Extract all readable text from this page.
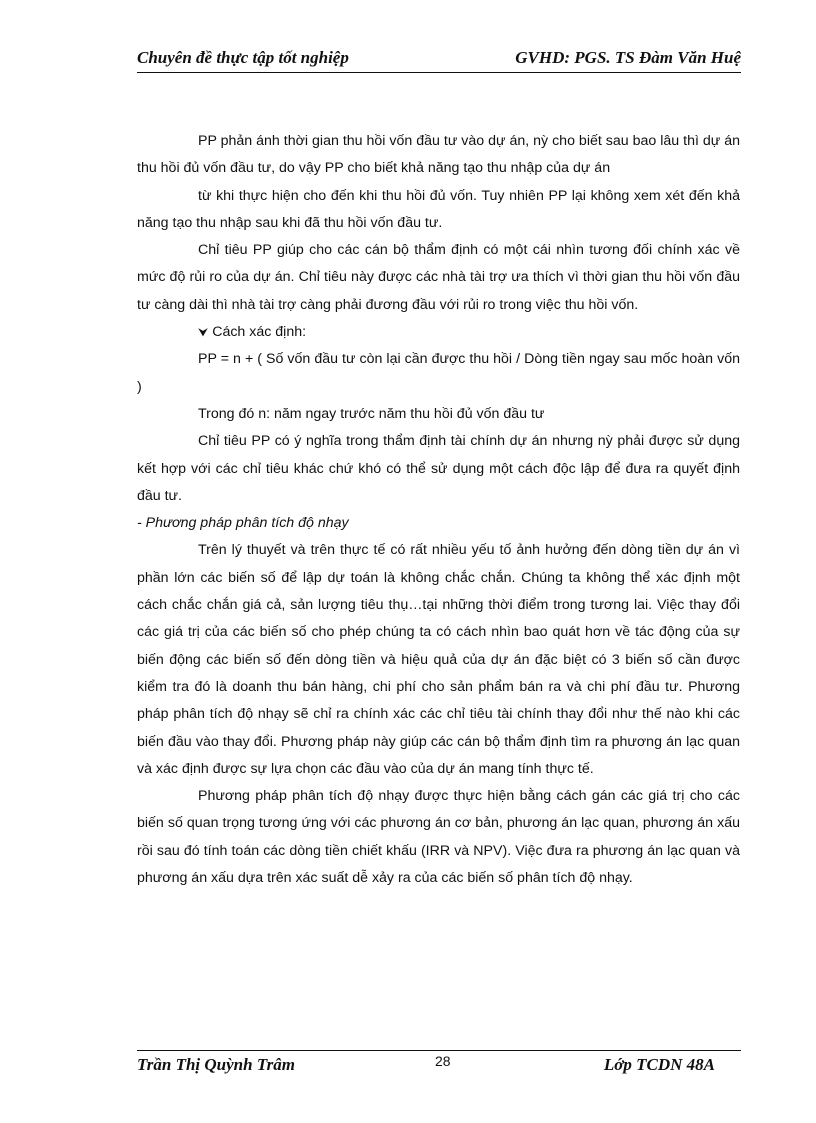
Chuyên đề thực tập tốt nghiệp	GVHD: PGS. TS Đàm Văn Huệ

PP phản ánh thời gian thu hồi vốn đầu tư vào dự án, nỳ cho biết sau bao lâu thì dự án thu hồi đủ vốn đầu tư, do vậy PP cho biết khả năng tạo thu nhập của dự án

từ khi thực hiện cho đến khi thu hồi đủ vốn. Tuy nhiên PP lại không xem xét đến khả năng tạo thu nhập sau khi đã thu hồi vốn đầu tư.

Chỉ tiêu PP giúp cho các cán bộ thẩm định có một cái nhìn tương đối chính xác về mức độ rủi ro của dự án. Chỉ tiêu này được các nhà tài trợ ưa thích vì thời gian thu hồi vốn đầu tư càng dài thì nhà tài trợ càng phải đương đầu với rủi ro trong việc thu hồi vốn.

⮟ Cách xác định:

PP = n + ( Số vốn đầu tư còn lại cần được thu hồi / Dòng tiền ngay sau mốc hoàn vốn )

Trong đó n: năm ngay trước năm thu hồi đủ vốn đầu tư

Chỉ tiêu PP có ý nghĩa trong thẩm định tài chính dự án nhưng nỳ phải được sử dụng kết hợp với các chỉ tiêu khác chứ khó có thể sử dụng một cách độc lập để đưa ra quyết định đầu tư.

- Phương pháp phân tích độ nhạy

Trên lý thuyết và trên thực tế có rất nhiều yếu tố ảnh hưởng đến dòng tiền dự án vì phần lớn các biến số để lập dự toán là không chắc chắn. Chúng ta không thể xác định một cách chắc chắn giá cả, sản lượng tiêu thụ…tại những thời điểm trong tương lai. Việc thay đổi các giá trị của các biến số cho phép chúng ta có cách nhìn bao quát hơn về tác động của sự biến động các biến số đến dòng tiền và hiệu quả của dự án đặc biệt có 3 biến số cần được kiểm tra đó là doanh thu bán hàng, chi phí cho sản phẩm bán ra và chi phí đầu tư. Phương pháp phân tích độ nhạy sẽ chỉ ra chính xác các chỉ tiêu tài chính thay đổi như thế nào khi các biến đầu vào thay đổi. Phương pháp này giúp các cán bộ thẩm định tìm ra phương án lạc quan và xác định được sự lựa chọn các đầu vào của dự án mang tính thực tế.

Phương pháp phân tích độ nhạy được thực hiện bằng cách gán các giá trị cho các biến số quan trọng tương ứng với các phương án cơ bản, phương án lạc quan, phương án xấu rồi sau đó tính toán các dòng tiền chiết khấu (IRR và NPV). Việc đưa ra phương án lạc quan và phương án xấu dựa trên xác suất dễ xảy ra của các biến số phân tích độ nhạy.

Trần Thị Quỳnh Trâm	28	Lớp TCDN 48A
